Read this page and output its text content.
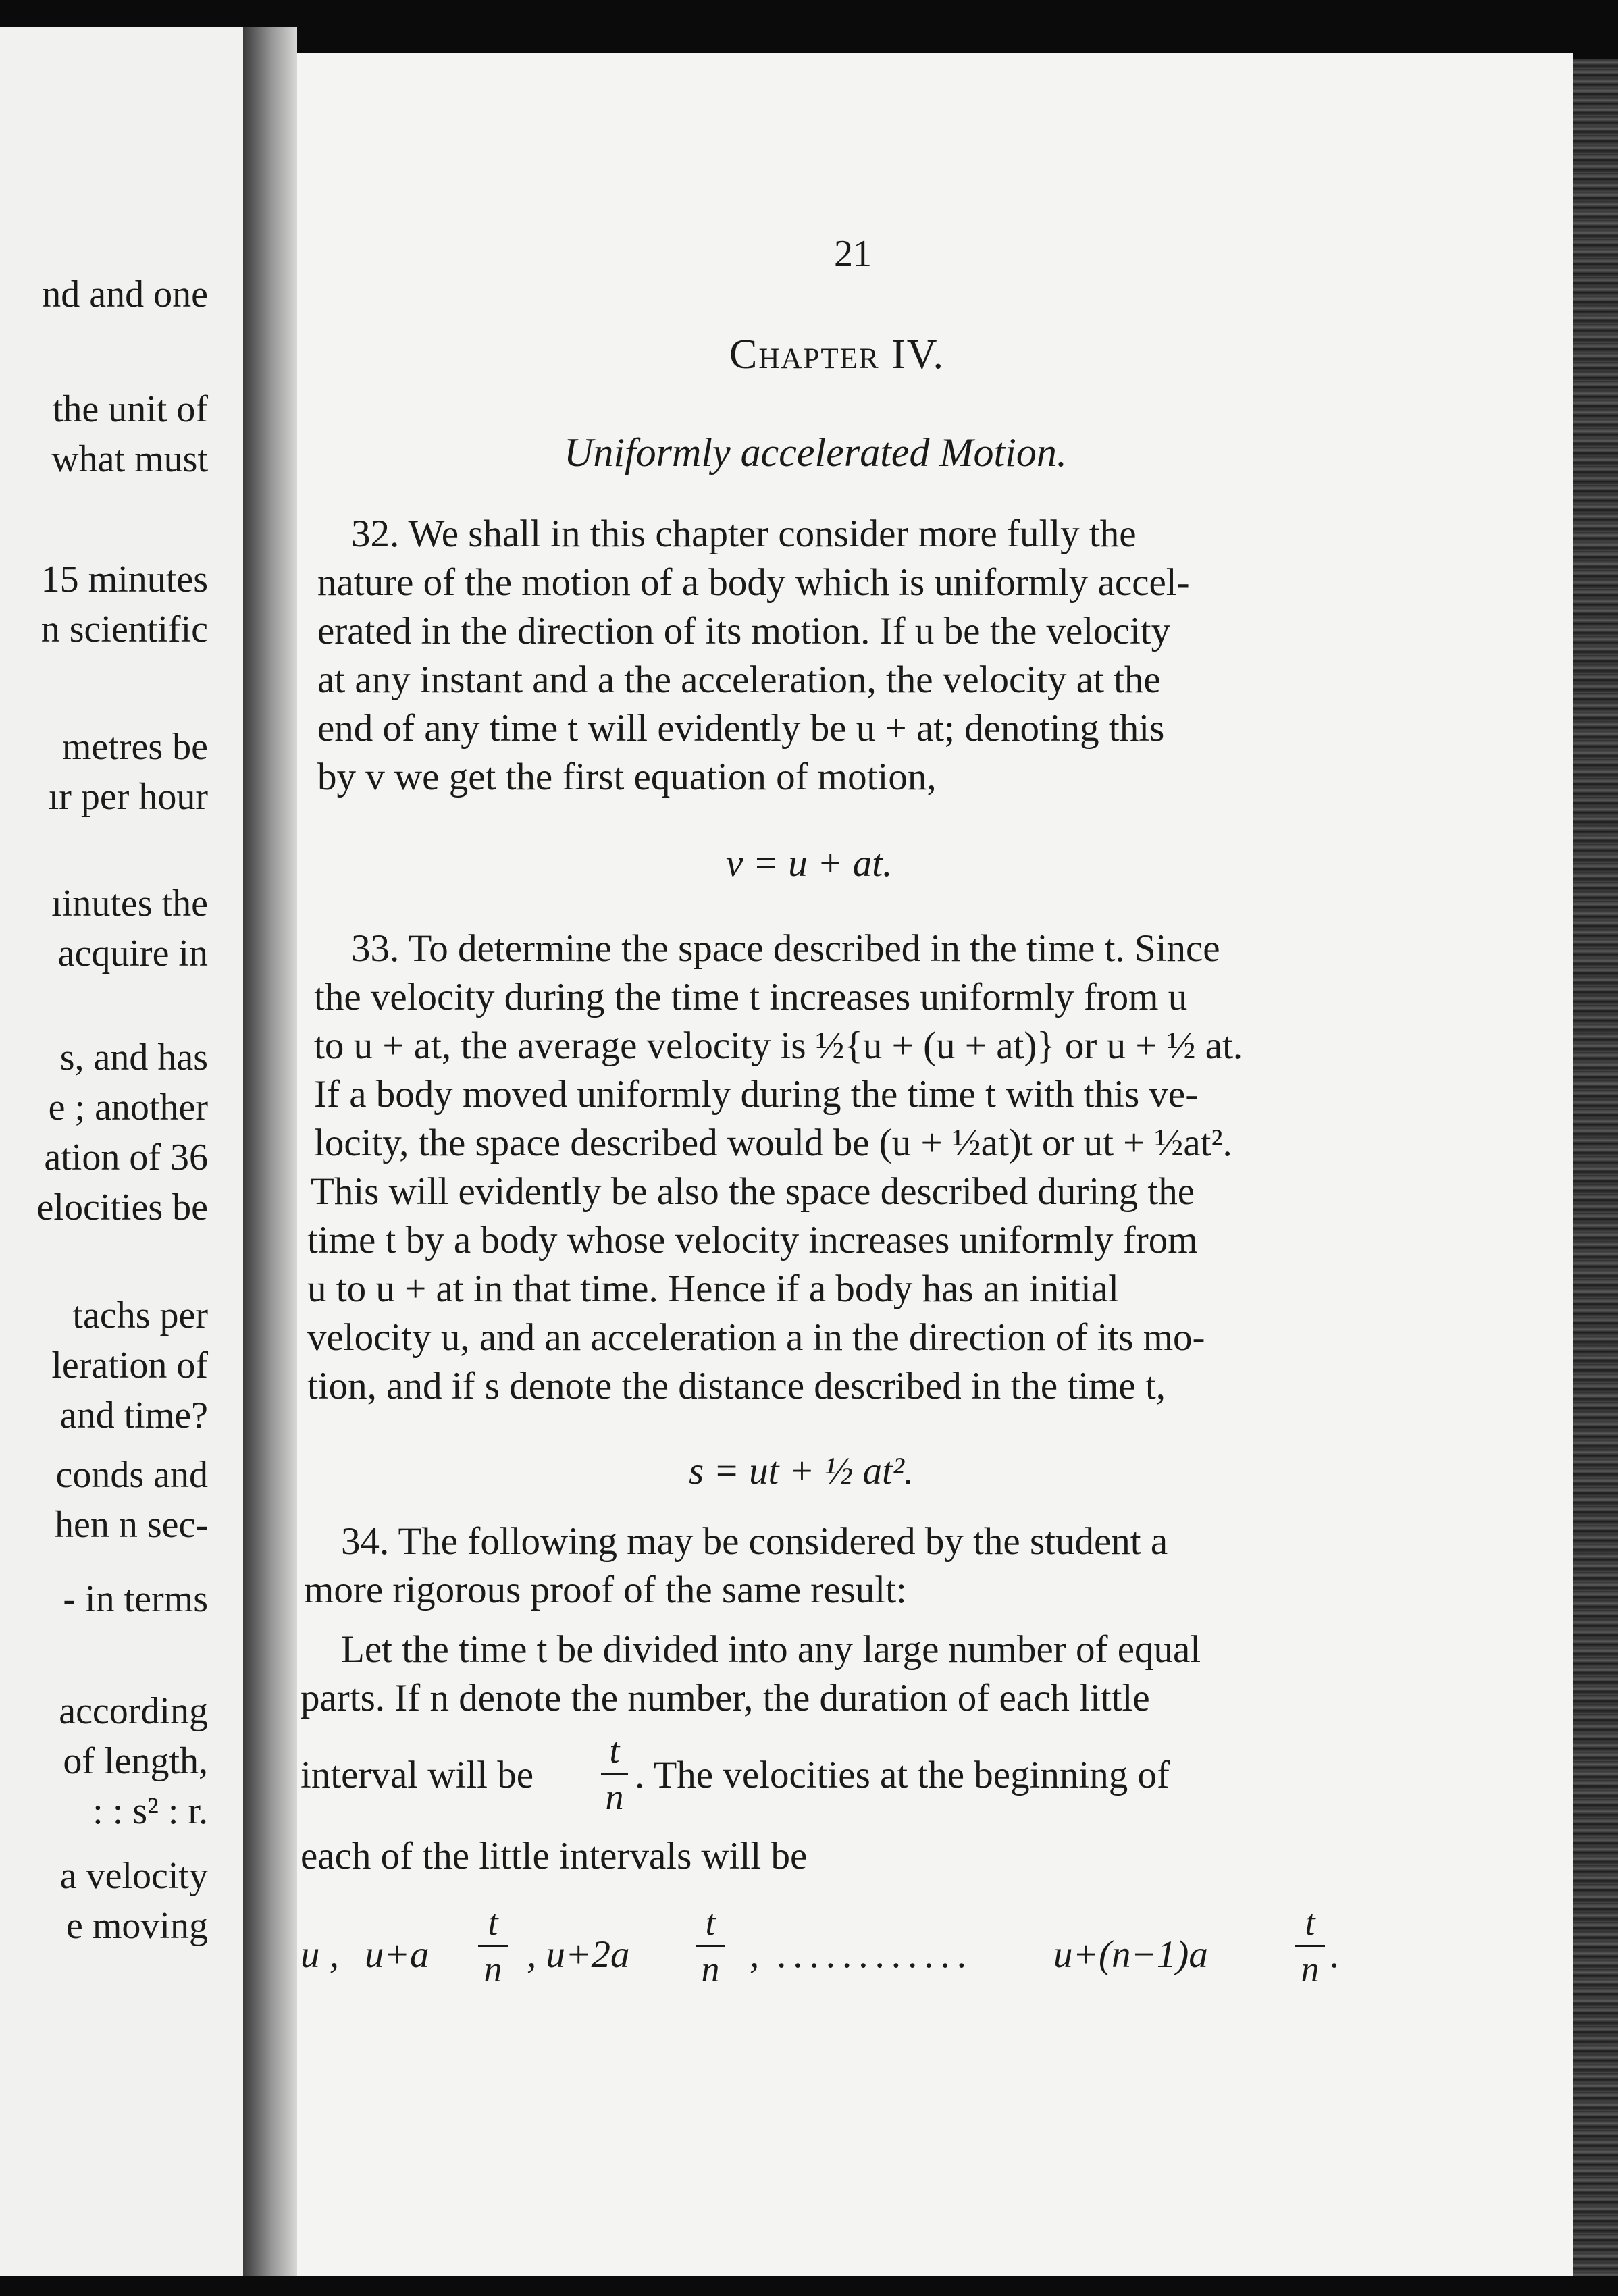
nd and one
the unit of
what must
15 minutes
n scientific
metres be
ır per hour
ıinutes the
acquire in
s, and has
e ; another
ation of 36
elocities be
tachs per
leration of
and time?
conds and
hen n sec-
- in terms
according
of length,
: : s² : r.
a velocity
e moving
21
Chapter IV.
Uniformly accelerated Motion.
32. We shall in this chapter consider more fully the
nature of the motion of a body which is uniformly accel-
erated in the direction of its motion. If u be the velocity
at any instant and a the acceleration, the velocity at the
end of any time t will evidently be u + at; denoting this
by v we get the first equation of motion,
v = u + at.
33. To determine the space described in the time t. Since
the velocity during the time t increases uniformly from u
to u + at, the average velocity is ½{u + (u + at)} or u + ½ at.
If a body moved uniformly during the time t with this ve-
locity, the space described would be (u + ½at)t or ut + ½at².
This will evidently be also the space described during the
time t by a body whose velocity increases uniformly from
u to u + at in that time. Hence if a body has an initial
velocity u, and an acceleration a in the direction of its mo-
tion, and if s denote the distance described in the time t,
s = ut + ½ at².
34. The following may be considered by the student a
more rigorous proof of the same result:
Let the time t be divided into any large number of equal
parts. If n denote the number, the duration of each little
interval will be
t
n
. The velocities at the beginning of
each of the little intervals will be
u , u+a
t
n , u+2a
t
n , ............ u+(n−1)a
t
n .
